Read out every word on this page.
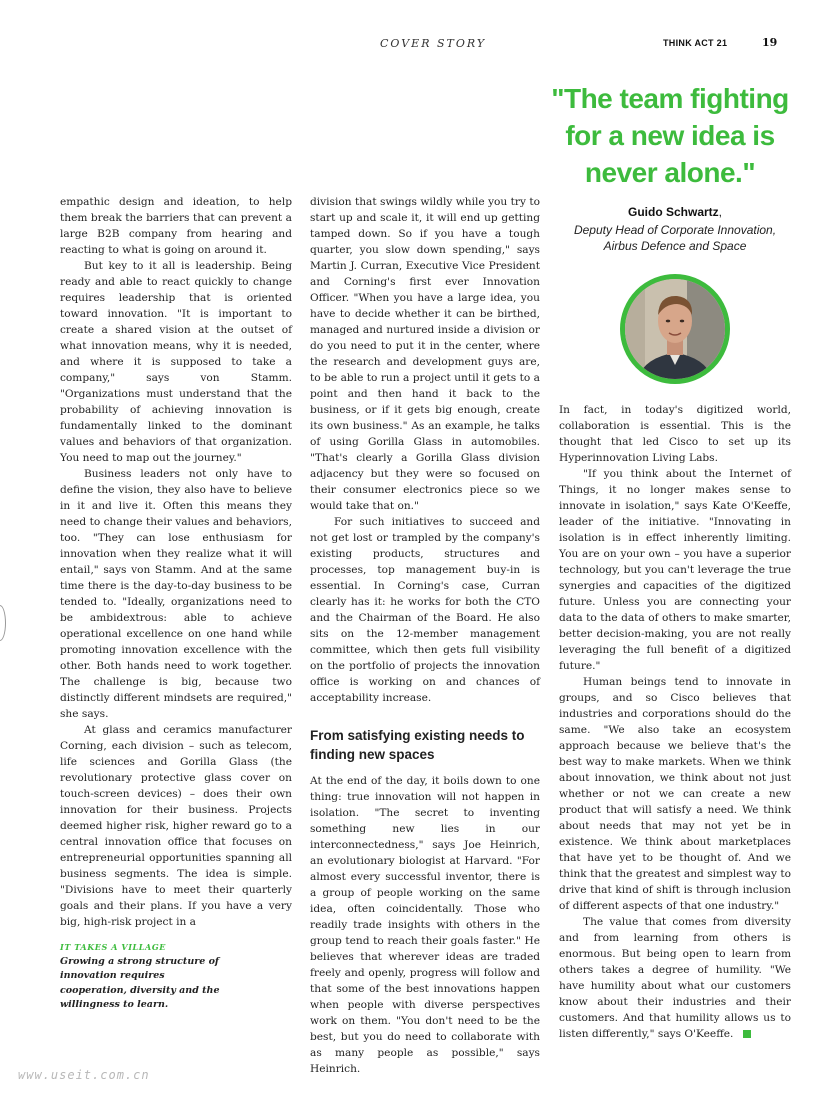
COVER STORY	THINK ACT 21	19
"The team fighting
for a new idea is
never alone."
Guido Schwartz,
Deputy Head of Corporate Innovation,
Airbus Defence and Space

empathic design and ideation, to help them break the barriers that can prevent a large B2B company from hearing and reacting to what is going on around it.

But key to it all is leadership. Being ready and able to react quickly to change requires leadership that is oriented toward innovation. "It is important to create a shared vision at the outset of what innovation means, why it is needed, and where it is supposed to take a company," says von Stamm. "Organizations must understand that the probability of achieving innovation is fundamentally linked to the dominant values and behaviors of that organization. You need to map out the journey."

Business leaders not only have to define the vision, they also have to believe in it and live it. Often this means they need to change their values and behaviors, too. "They can lose enthusiasm for innovation when they realize what it will entail," says von Stamm. And at the same time there is the day-to-day business to be tended to. "Ideally, organizations need to be ambidextrous: able to achieve operational excellence on one hand while promoting innovation excellence with the other. Both hands need to work together. The challenge is big, because two distinctly different mindsets are required," she says.

At glass and ceramics manufacturer Corning, each division – such as telecom, life sciences and Gorilla Glass (the revolutionary protective glass cover on touch-screen devices) – does their own innovation for their business. Projects deemed higher risk, higher reward go to a central innovation office that focuses on entrepreneurial opportunities spanning all business segments. The idea is simple. "Divisions have to meet their quarterly goals and their plans. If you have a very big, high-risk project in a

division that swings wildly while you try to start up and scale it, it will end up getting tamped down. So if you have a tough quarter, you slow down spending," says Martin J. Curran, Executive Vice President and Corning's first ever Innovation Officer. "When you have a large idea, you have to decide whether it can be birthed, managed and nurtured inside a division or do you need to put it in the center, where the research and development guys are, to be able to run a project until it gets to a point and then hand it back to the business, or if it gets big enough, create its own business." As an example, he talks of using Gorilla Glass in automobiles. "That's clearly a Gorilla Glass division adjacency but they were so focused on their consumer electronics piece so we would take that on."

For such initiatives to succeed and not get lost or trampled by the company's existing products, structures and processes, top management buy-in is essential. In Corning's case, Curran clearly has it: he works for both the CTO and the Chairman of the Board. He also sits on the 12-member management committee, which then gets full visibility on the portfolio of projects the innovation office is working on and chances of acceptability increase.

From satisfying existing needs to finding new spaces

At the end of the day, it boils down to one thing: true innovation will not happen in isolation. "The secret to inventing something new lies in our interconnectedness," says Joe Heinrich, an evolutionary biologist at Harvard. "For almost every successful inventor, there is a group of people working on the same idea, often coincidentally. Those who readily trade insights with others in the group tend to reach their goals faster." He believes that wherever ideas are traded freely and openly, progress will follow and that some of the best innovations happen when people with diverse perspectives work on them. "You don't need to be the best, but you do need to collaborate with as many people as possible," says Heinrich.

In fact, in today's digitized world, collaboration is essential. This is the thought that led Cisco to set up its Hyperinnovation Living Labs.

"If you think about the Internet of Things, it no longer makes sense to innovate in isolation," says Kate O'Keeffe, leader of the initiative. "Innovating in isolation is in effect inherently limiting. You are on your own – you have a superior technology, but you can't leverage the true synergies and capacities of the digitized future. Unless you are connecting your data to the data of others to make smarter, better decision-making, you are not really leveraging the full benefit of a digitized future."

Human beings tend to innovate in groups, and so Cisco believes that industries and corporations should do the same. "We also take an ecosystem approach because we believe that's the best way to make markets. When we think about innovation, we think about not just whether or not we can create a new product that will satisfy a need. We think about needs that may not yet be in existence. We think about marketplaces that have yet to be thought of. And we think that the greatest and simplest way to drive that kind of shift is through inclusion of different aspects of that one industry."

The value that comes from diversity and from learning from others is enormous. But being open to learn from others takes a degree of humility. "We have humility about what our customers know about their industries and their customers. And that humility allows us to listen differently," says O'Keeffe.

IT TAKES A VILLAGE
Growing a strong structure of innovation requires cooperation, diversity and the willingness to learn.
www.useit.com.cn
